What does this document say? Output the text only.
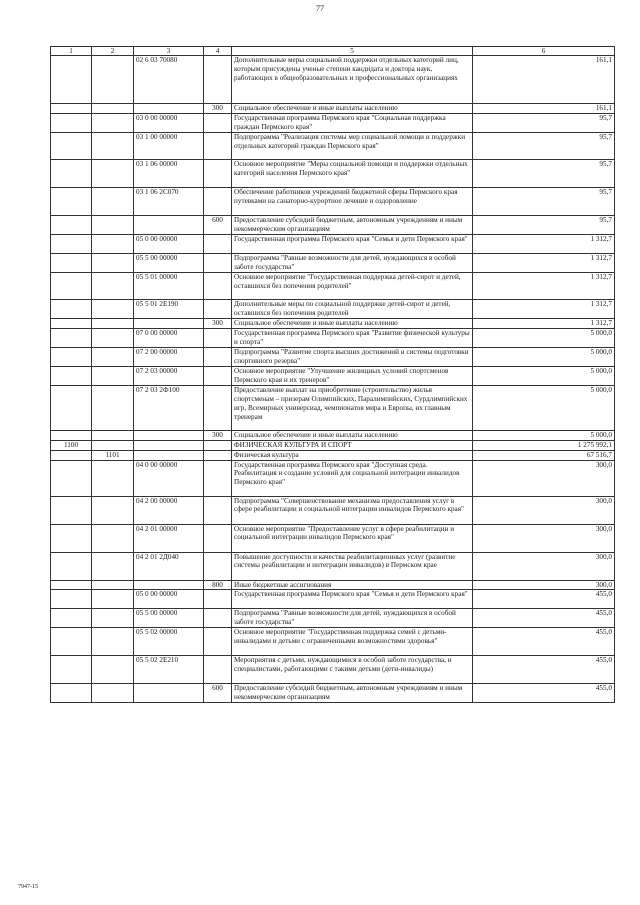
77
1	2	3	4	5	6
		02 6 03 70080		Дополнительные меры социальной поддержки отдельных категорий лиц, которым присуждены ученые степени кандидата и доктора наук, работающих в общеобразовательных и профессиональных организациях	161,1
			300	Социальное обеспечение и иные выплаты населению	161,1
		03 0 00 00000		Государственная программа Пермского края "Социальная поддержка граждан Пермского края"	95,7
		03 1 00 00000		Подпрограмма "Реализация системы мер социальной помощи и поддержки отдельных категорий граждан Пермского края"	95,7
		03 1 06 00000		Основное мероприятие "Меры социальной помощи и поддержки отдельных категорий населения Пермского края"	95,7
		03 1 06 2С070		Обеспечение работников учреждений бюджетной сферы Пермского края путевками на санаторно-курортное лечение и оздоровление	95,7
			600	Предоставление субсидий бюджетным, автономным учреждениям и иным некоммерческим организациям	95,7
		05 0 00 00000		Государственная программа Пермского края "Семья и дети Пермского края"	1 312,7
		05 5 00 00000		Подпрограмма "Равные возможности для детей, нуждающихся в особой заботе государства"	1 312,7
		05 5 01 00000		Основное мероприятие "Государственная поддержка детей-сирот и детей, оставшихся без попечения родителей"	1 312,7
		05 5 01 2Е190		Дополнительные меры по социальной поддержке детей-сирот и детей, оставшихся без попечения родителей	1 312,7
			300	Социальное обеспечение и иные выплаты населению	1 312,7
		07 0 00 00000		Государственная программа Пермского края "Развитие физической культуры и спорта"	5 000,0
		07 2 00 00000		Подпрограмма "Развитие спорта высших достижений и системы подготовки спортивного резерва"	5 000,0
		07 2 03 00000		Основное мероприятие "Улучшение жилищных условий спортсменов Пермского края и их тренеров"	5 000,0
		07 2 03 2Ф100		Предоставление выплат на приобретение (строительство) жилья спортсменам – призерам Олимпийских, Паралимпийских, Сурдлимпийских игр, Всемирных универсиад, чемпионатов мира и Европы, их главным тренерам	5 000,0
			300	Социальное обеспечение и иные выплаты населению	5 000,0
1100				ФИЗИЧЕСКАЯ КУЛЬТУРА И СПОРТ	1 275 992,1
	1101			Физическая культура	67 516,7
		04 0 00 00000		Государственная программа Пермского края "Доступная среда. Реабилитация и создание условий для социальной интеграции инвалидов Пермского края"	300,0
		04 2 00 00000		Подпрограмма "Совершенствование механизма предоставления услуг в сфере реабилитации и социальной интеграции инвалидов Пермского края"	300,0
		04 2 01 00000		Основное мероприятие "Предоставление услуг в сфере реабилитации и социальной интеграции инвалидов Пермского края"	300,0
		04 2 01 2Д040		Повышение доступности и качества реабилитационных услуг (развитие системы реабилитации и интеграции инвалидов) в Пермском крае	300,0
			800	Иные бюджетные ассигнования	300,0
		05 0 00 00000		Государственная программа Пермского края "Семья и дети Пермского края"	455,0
		05 5 00 00000		Подпрограмма "Равные возможности для детей, нуждающихся в особой заботе государства"	455,0
		05 5 02 00000		Основное мероприятие "Государственная поддержка семей с детьми-инвалидами и детьми с ограниченными возможностями здоровья"	455,0
		05 5 02 2Е210		Мероприятия с детьми, нуждающимися в особой заботе государства, и специалистами, работающими с такими детьми (дети-инвалиды)	455,0
			600	Предоставление субсидий бюджетным, автономным учреждениям и иным некоммерческим организациям	455,0
7947-15
